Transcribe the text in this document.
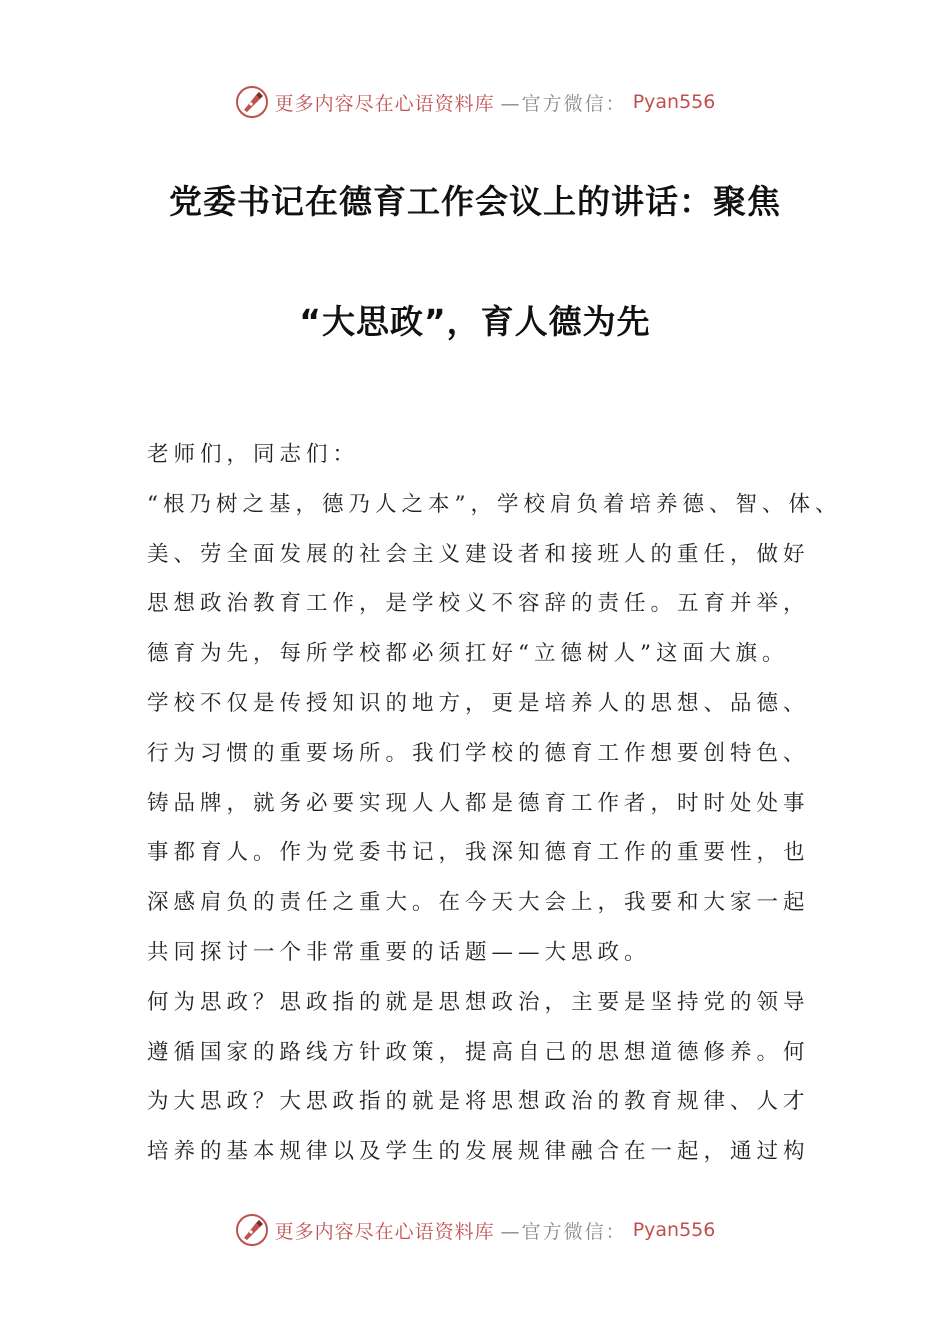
更多内容尽在心语资料库 —官方微信： Pyan556
党委书记在德育工作会议上的讲话：聚焦
“大思政”，育人德为先
老师们，同志们：
“根乃树之基，德乃人之本”，学校肩负着培养德、智、体、
美、劳全面发展的社会主义建设者和接班人的重任，做好
思想政治教育工作，是学校义不容辞的责任。五育并举，
德育为先，每所学校都必须扛好“立德树人”这面大旗。
学校不仅是传授知识的地方，更是培养人的思想、品德、
行为习惯的重要场所。我们学校的德育工作想要创特色、
铸品牌，就务必要实现人人都是德育工作者，时时处处事
事都育人。作为党委书记，我深知德育工作的重要性，也
深感肩负的责任之重大。在今天大会上，我要和大家一起
共同探讨一个非常重要的话题——大思政。
何为思政？思政指的就是思想政治，主要是坚持党的领导
遵循国家的路线方针政策，提高自己的思想道德修养。何
为大思政？大思政指的就是将思想政治的教育规律、人才
培养的基本规律以及学生的发展规律融合在一起，通过构
更多内容尽在心语资料库 —官方微信： Pyan556
